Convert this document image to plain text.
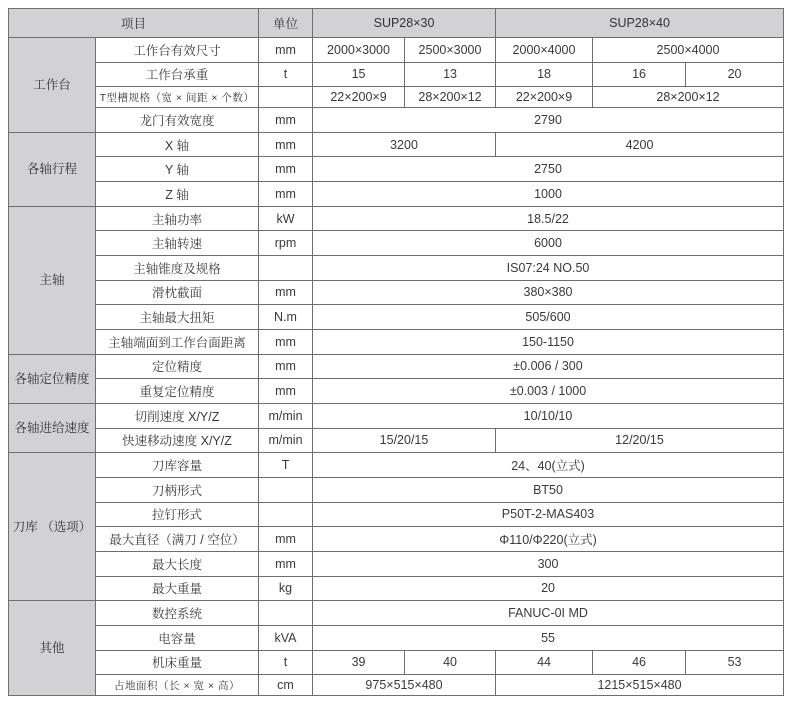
项目		单位	SUP28×30		SUP28×40		
工作台	工作台有效尺寸	mm	2000×3000	2500×3000	2000×4000	2500×4000	
	工作台承重	t	15	13	18	16	20
	T型槽规格（宽 × 间距 × 个数）		22×200×9	28×200×12	22×200×9	28×200×12	
	龙门有效宽度	mm	2790				
各轴行程	X 轴	mm	3200		4200		
	Y 轴	mm	2750				
	Z 轴	mm	1000				
主轴	主轴功率	kW	18.5/22				
	主轴转速	rpm	6000				
	主轴锥度及规格		IS07:24 NO.50				
	滑枕截面	mm	380×380				
	主轴最大扭矩	N.m	505/600				
	主轴端面到工作台面距离	mm	150-1150				
各轴定位精度	定位精度	mm	±0.006 / 300				
	重复定位精度	mm	±0.003 / 1000				
各轴进给速度	切削速度 X/Y/Z	m/min	10/10/10				
	快速移动速度 X/Y/Z	m/min	15/20/15		12/20/15		
刀库 （选项）	刀库容量	T	24、40(立式)				
	刀柄形式		BT50				
	拉钉形式		P50T-2-MAS403				
	最大直径（满刀 / 空位）	mm	Φ110/Φ220(立式)				
	最大长度	mm	300				
	最大重量	kg	20				
其他	数控系统		FANUC-0I MD				
	电容量	kVA	55				
	机床重量	t	39	40	44	46	53
	占地面积（长 × 宽 × 高）	cm	975×515×480		1215×515×480		
